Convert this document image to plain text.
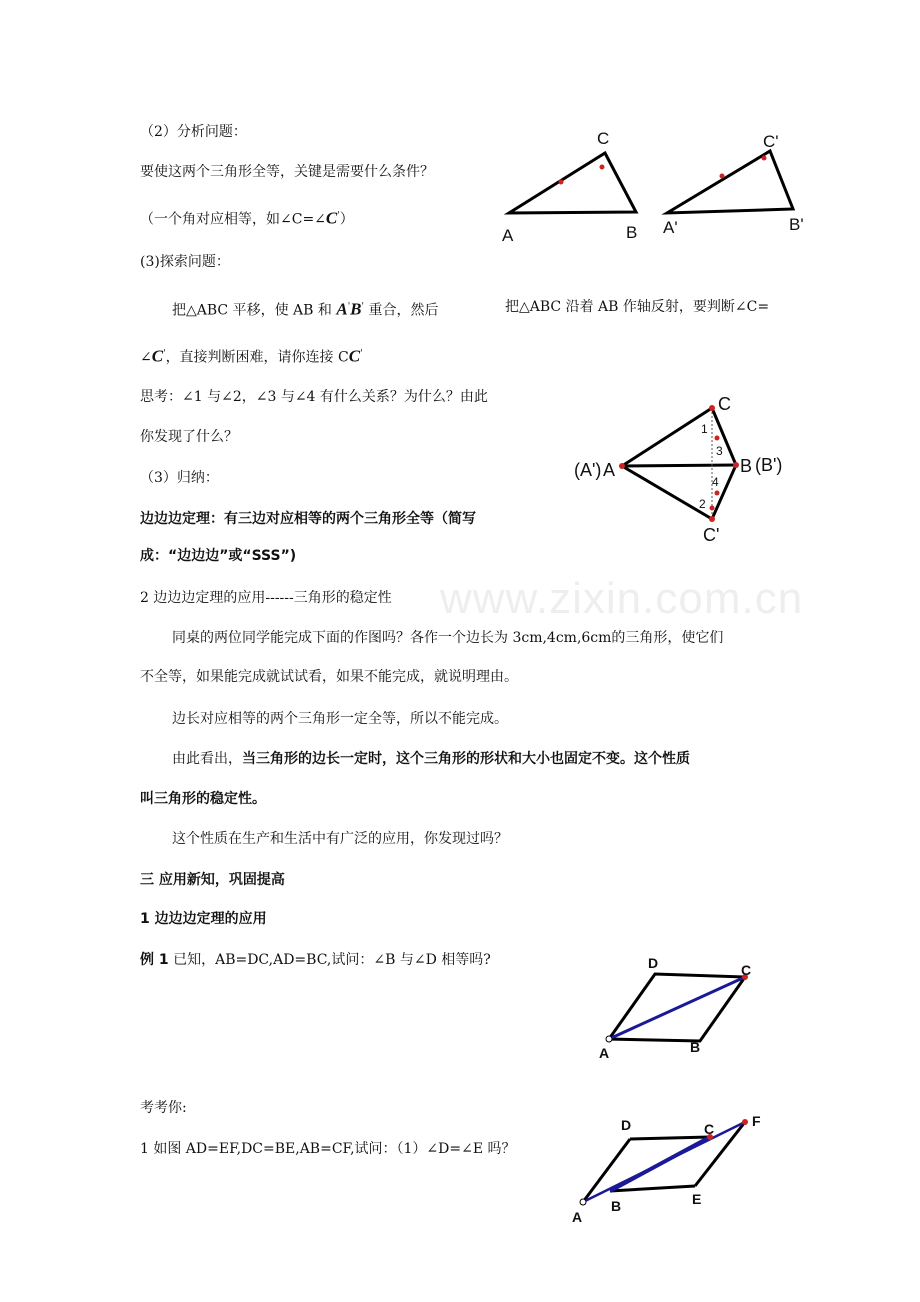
（2）分析问题：
要使这两个三角形全等，关键是需要什么条件？
（一个角对应相等，如∠C=∠C'）
(3)探索问题：
把△ABC 平移，使 AB 和 A'B' 重合，然后	把△ABC 沿着 AB 作轴反射，要判断∠C=
∠C'，直接判断困难，请你连接 CC'
思考：∠1 与∠2，∠3 与∠4 有什么关系？为什么？由此
你发现了什么？
（3）归纳：
边边边定理：有三边对应相等的两个三角形全等（简写
成：“边边边”或“SSS”)
2 边边边定理的应用------三角形的稳定性
同桌的两位同学能完成下面的作图吗？各作一个边长为 3cm,4cm,6cm的三角形，使它们
不全等，如果能完成就试试看，如果不能完成，就说明理由。
边长对应相等的两个三角形一定全等，所以不能完成。
由此看出，当三角形的边长一定时，这个三角形的形状和大小也固定不变。这个性质
叫三角形的稳定性。
这个性质在生产和生活中有广泛的应用，你发现过吗？
三 应用新知，巩固提高
1 边边边定理的应用
例 1 已知，AB=DC,AD=BC,试问：∠B 与∠D 相等吗?
考考你:
1 如图 AD=EF,DC=BE,AB=CF,试问：（1）∠D=∠E 吗？
www.zixin.com.cn
A	B
C
A'	B'
C'
(A') A	B (B')
C
C'
1
3
4
2
A	B
C
D
A
B
C
D
E
F
